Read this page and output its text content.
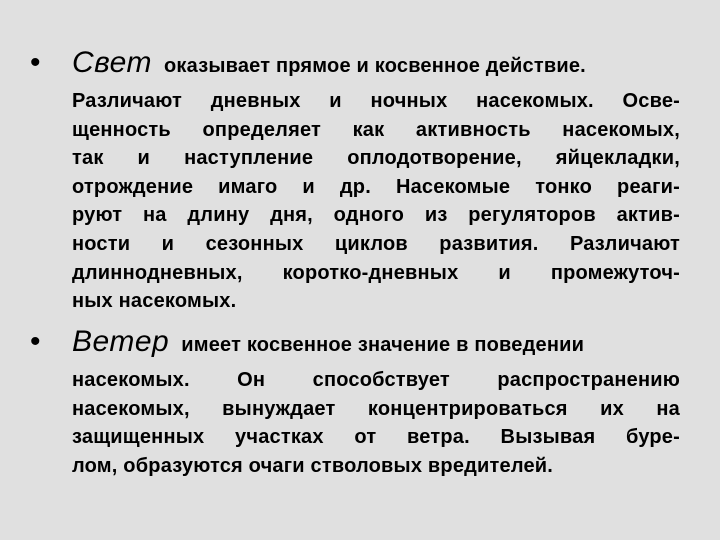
• Свет оказывает прямое и косвенное действие.
Различают дневных и ночных насекомых. Осве-
щенность определяет как активность насекомых,
так и наступление оплодотворение, яйцекладки,
отрождение имаго и др. Насекомые тонко реаги-
руют на длину дня, одного из регуляторов актив-
ности и сезонных циклов развития. Различают
длиннодневных, коротко-дневных и промежуточ-
ных насекомых.
• Ветер имеет косвенное значение в поведении
насекомых. Он способствует распространению
насекомых, вынуждает концентрироваться их на
защищенных участках от ветра. Вызывая буре-
лом, образуются очаги стволовых вредителей.
